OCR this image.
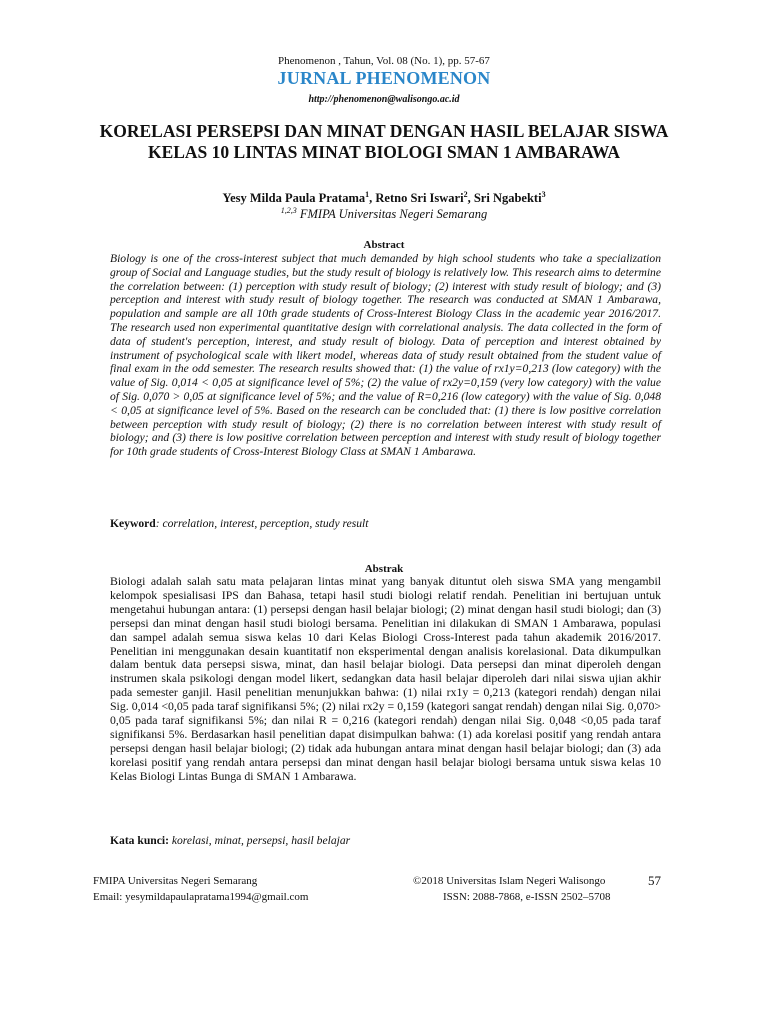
Phenomenon , Tahun, Vol. 08 (No. 1), pp. 57-67
JURNAL PHENOMENON
http://phenomenon@walisongo.ac.id
KORELASI PERSEPSI DAN MINAT DENGAN HASIL BELAJAR SISWA KELAS 10 LINTAS MINAT BIOLOGI SMAN 1 AMBARAWA
Yesy Milda Paula Pratama$^1$, Retno Sri Iswari$^2$, Sri Ngabekti$^3$
$^{1,2,3}$ FMIPA Universitas Negeri Semarang
Abstract
Biology is one of the cross-interest subject that much demanded by high school students who take a specialization group of Social and Language studies, but the study result of biology is relatively low. This research aims to determine the correlation between: (1) perception with study result of biology; (2) interest with study result of biology; and (3) perception and interest with study result of biology together. The research was conducted at SMAN 1 Ambarawa, population and sample are all 10th grade students of Cross-Interest Biology Class in the academic year 2016/2017. The research used non experimental quantitative design with correlational analysis. The data collected in the form of data of student's perception, interest, and study result of biology. Data of perception and interest obtained by instrument of psychological scale with likert model, whereas data of study result obtained from the student value of final exam in the odd semester. The research results showed that: (1) the value of rx1y=0,213 (low category) with the value of Sig. 0,014 < 0,05 at significance level of 5%; (2) the value of rx2y=0,159 (very low category) with the value of Sig. 0,070 > 0,05 at significance level of 5%; and the value of R=0,216 (low category) with the value of Sig. 0,048 < 0,05 at significance level of 5%. Based on the research can be concluded that: (1) there is low positive correlation between perception with study result of biology; (2) there is no correlation between interest with study result of biology; and (3) there is low positive correlation between perception and interest with study result of biology together for 10th grade students of Cross-Interest Biology Class at SMAN 1 Ambarawa.
Keyword: correlation, interest, perception, study result
Abstrak
Biologi adalah salah satu mata pelajaran lintas minat yang banyak dituntut oleh siswa SMA yang mengambil kelompok spesialisasi IPS dan Bahasa, tetapi hasil studi biologi relatif rendah. Penelitian ini bertujuan untuk mengetahui hubungan antara: (1) persepsi dengan hasil belajar biologi; (2) minat dengan hasil studi biologi; dan (3) persepsi dan minat dengan hasil studi biologi bersama. Penelitian ini dilakukan di SMAN 1 Ambarawa, populasi dan sampel adalah semua siswa kelas 10 dari Kelas Biologi Cross-Interest pada tahun akademik 2016/2017. Penelitian ini menggunakan desain kuantitatif non eksperimental dengan analisis korelasional. Data dikumpulkan dalam bentuk data persepsi siswa, minat, dan hasil belajar biologi. Data persepsi dan minat diperoleh dengan instrumen skala psikologi dengan model likert, sedangkan data hasil belajar diperoleh dari nilai siswa ujian akhir pada semester ganjil. Hasil penelitian menunjukkan bahwa: (1) nilai rx1y = 0,213 (kategori rendah) dengan nilai Sig. 0,014 <0,05 pada taraf signifikansi 5%; (2) nilai rx2y = 0,159 (kategori sangat rendah) dengan nilai Sig. 0,070> 0,05 pada taraf signifikansi 5%; dan nilai R = 0,216 (kategori rendah) dengan nilai Sig. 0,048 <0,05 pada taraf signifikansi 5%. Berdasarkan hasil penelitian dapat disimpulkan bahwa: (1) ada korelasi positif yang rendah antara persepsi dengan hasil belajar biologi; (2) tidak ada hubungan antara minat dengan hasil belajar biologi; dan (3) ada korelasi positif yang rendah antara persepsi dan minat dengan hasil belajar biologi bersama untuk siswa kelas 10 Kelas Biologi Lintas Bunga di SMAN 1 Ambarawa.
Kata kunci: korelasi, minat, persepsi, hasil belajar
FMIPA Universitas Negeri Semarang
Email: yesymildapaulapratama1994@gmail.com
©2018 Universitas Islam Negeri Walisongo
ISSN: 2088-7868, e-ISSN 2502–5708
57
